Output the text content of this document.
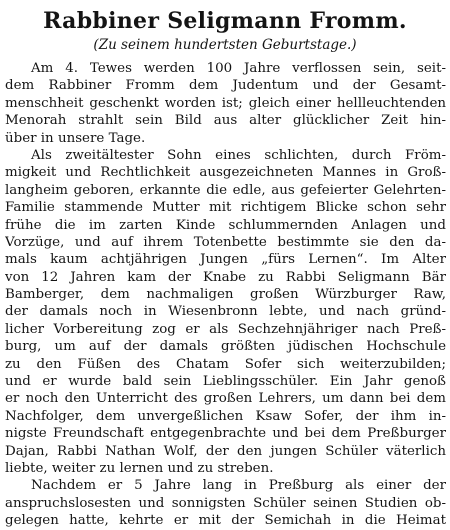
Rabbiner Seligmann Fromm.
(Zu seinem hundertsten Geburtstage.)
Am 4. Tewes werden 100 Jahre verflossen sein, seit-
dem Rabbiner Fromm dem Judentum und der Gesamt-
menschheit geschenkt worden ist; gleich einer hellleuchtenden
Menorah strahlt sein Bild aus alter glücklicher Zeit hin-
über in unsere Tage.
Als zweitältester Sohn eines schlichten, durch Fröm-
migkeit und Rechtlichkeit ausgezeichneten Mannes in Groß-
langheim geboren, erkannte die edle, aus gefeierter Gelehrten-
Familie stammende Mutter mit richtigem Blicke schon sehr
frühe die im zarten Kinde schlummernden Anlagen und
Vorzüge, und auf ihrem Totenbette bestimmte sie den da-
mals kaum achtjährigen Jungen „fürs Lernen“. Im Alter
von 12 Jahren kam der Knabe zu Rabbi Seligmann Bär
Bamberger, dem nachmaligen großen Würzburger Raw,
der damals noch in Wiesenbronn lebte, und nach gründ-
licher Vorbereitung zog er als Sechzehnjähriger nach Preß-
burg, um auf der damals größten jüdischen Hochschule
zu den Füßen des Chatam Sofer sich weiterzubilden;
und er wurde bald sein Lieblingsschüler. Ein Jahr genoß
er noch den Unterricht des großen Lehrers, um dann bei dem
Nachfolger, dem unvergeßlichen Ksaw Sofer, der ihm in-
nigste Freundschaft entgegenbrachte und bei dem Preßburger
Dajan, Rabbi Nathan Wolf, der den jungen Schüler väterlich
liebte, weiter zu lernen und zu streben.
Nachdem er 5 Jahre lang in Preßburg als einer der
anspruchslosesten und sonnigsten Schüler seinen Studien ob-
gelegen hatte, kehrte er mit der Semichah in die Heimat
